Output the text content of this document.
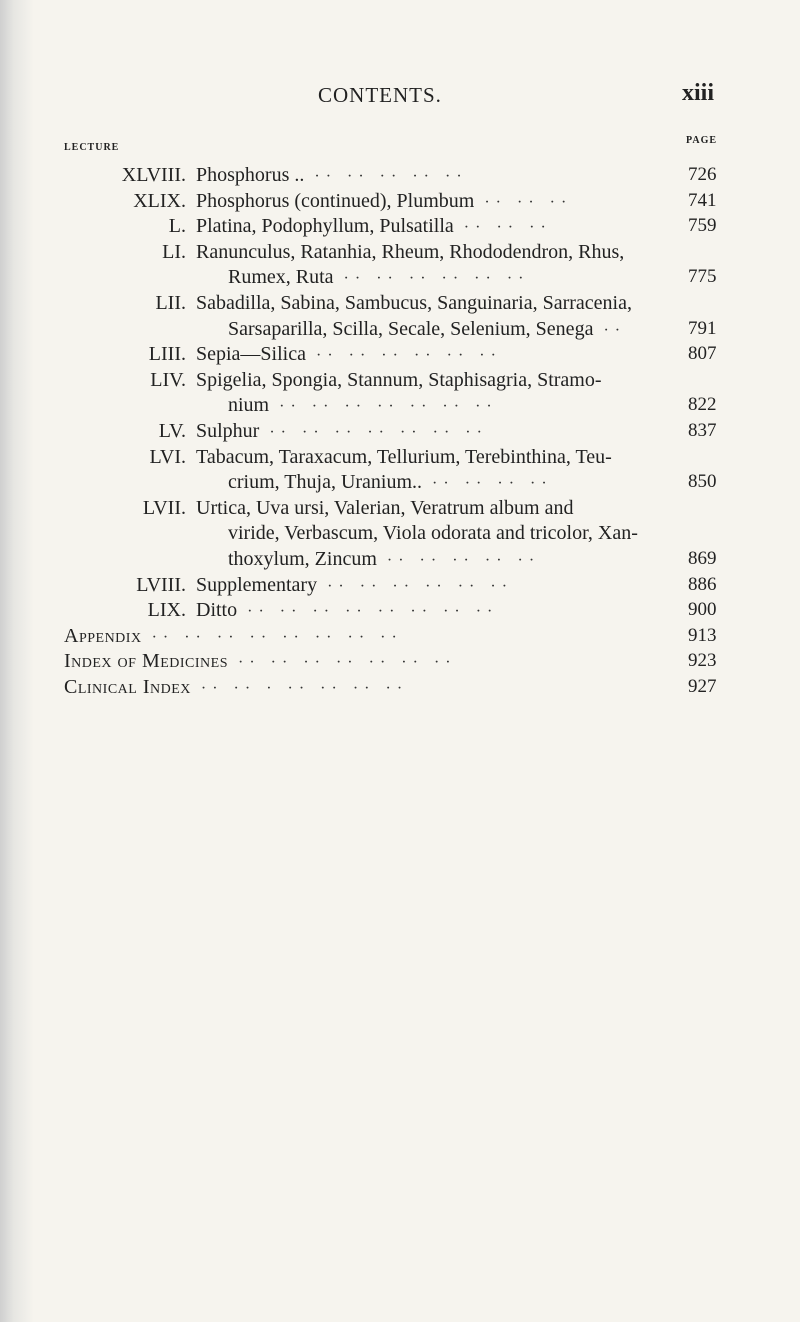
CONTENTS.	xiii
LECTURE
PAGE
XLVIII. Phosphorus .. ·· ·· ·· ·· ··	726
XLIX. Phosphorus (continued), Plumbum ·· ·· ··	741
L. Platina, Podophyllum, Pulsatilla ·· ·· ··	759
LI. Ranunculus, Ratanhia, Rheum, Rhododendron, Rhus,
Rumex, Ruta ·· ·· ·· ·· ·· ··	775
LII. Sabadilla, Sabina, Sambucus, Sanguinaria, Sarracenia,
Sarsaparilla, Scilla, Secale, Selenium, Senega ··	791
LIII. Sepia—Silica ·· ·· ·· ·· ·· ··	807
LIV. Spigelia, Spongia, Stannum, Staphisagria, Stramo-
nium ·· ·· ·· ·· ·· ·· ··	822
LV. Sulphur ·· ·· ·· ·· ·· ·· ··	837
LVI. Tabacum, Taraxacum, Tellurium, Terebinthina, Teu-
crium, Thuja, Uranium.. ·· ·· ·· ··	850
LVII. Urtica, Uva ursi, Valerian, Veratrum album and
viride, Verbascum, Viola odorata and tricolor, Xan-
thoxylum, Zincum ·· ·· ·· ·· ··	869
LVIII. Supplementary ·· ·· ·· ·· ·· ··	886
LIX. Ditto ·· ·· ·· ·· ·· ·· ·· ··	900
Appendix ·· ·· ·· ·· ·· ·· ·· ··	913
Index of Medicines ·· ·· ·· ·· ·· ·· ··	923
Clinical Index ·· ·· · ·· ·· ·· ··	927
